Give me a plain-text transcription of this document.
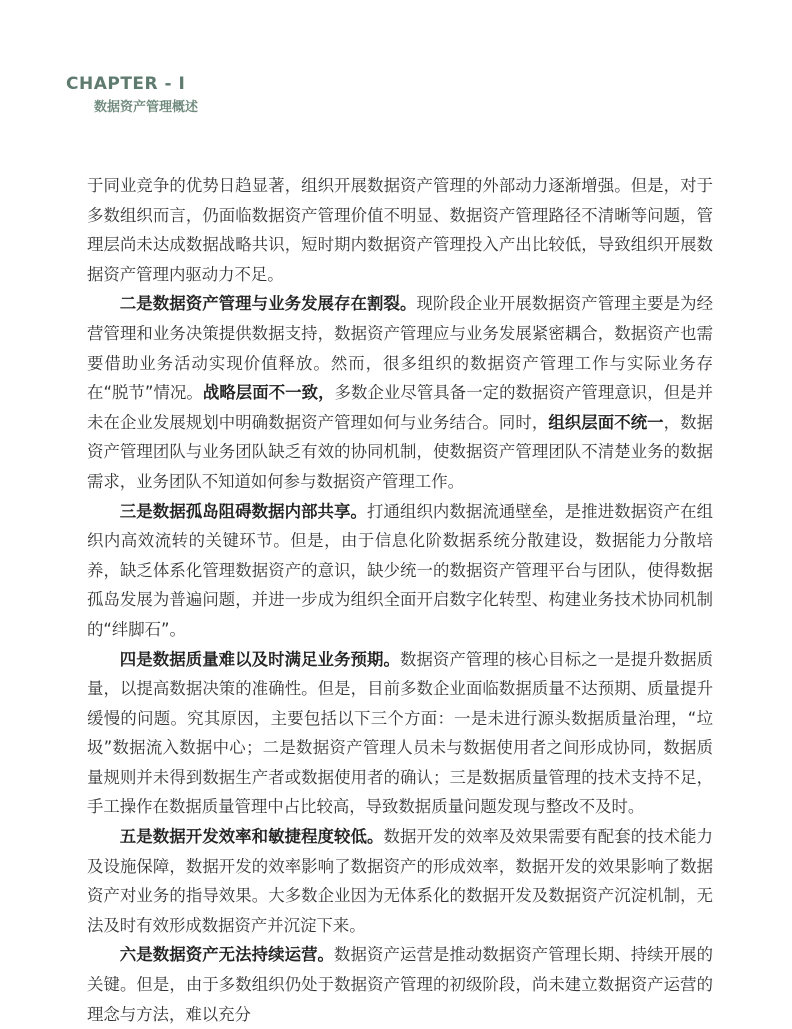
CHAPTER - I
数据资产管理概述

于同业竞争的优势日趋显著，组织开展数据资产管理的外部动力逐渐增强。但是，对于多数组织而言，仍面临数据资产管理价值不明显、数据资产管理路径不清晰等问题，管理层尚未达成数据战略共识，短时期内数据资产管理投入产出比较低，导致组织开展数据资产管理内驱动力不足。

二是数据资产管理与业务发展存在割裂。现阶段企业开展数据资产管理主要是为经营管理和业务决策提供数据支持，数据资产管理应与业务发展紧密耦合，数据资产也需要借助业务活动实现价值释放。然而，很多组织的数据资产管理工作与实际业务存在“脱节”情况。战略层面不一致，多数企业尽管具备一定的数据资产管理意识，但是并未在企业发展规划中明确数据资产管理如何与业务结合。同时，组织层面不统一，数据资产管理团队与业务团队缺乏有效的协同机制，使数据资产管理团队不清楚业务的数据需求，业务团队不知道如何参与数据资产管理工作。

三是数据孤岛阻碍数据内部共享。打通组织内数据流通壁垒，是推进数据资产在组织内高效流转的关键环节。但是，由于信息化阶数据系统分散建设，数据能力分散培养，缺乏体系化管理数据资产的意识，缺少统一的数据资产管理平台与团队，使得数据孤岛发展为普遍问题，并进一步成为组织全面开启数字化转型、构建业务技术协同机制的“绊脚石”。

四是数据质量难以及时满足业务预期。数据资产管理的核心目标之一是提升数据质量，以提高数据决策的准确性。但是，目前多数企业面临数据质量不达预期、质量提升缓慢的问题。究其原因，主要包括以下三个方面：一是未进行源头数据质量治理，“垃圾”数据流入数据中心；二是数据资产管理人员未与数据使用者之间形成协同，数据质量规则并未得到数据生产者或数据使用者的确认；三是数据质量管理的技术支持不足，手工操作在数据质量管理中占比较高，导致数据质量问题发现与整改不及时。

五是数据开发效率和敏捷程度较低。数据开发的效率及效果需要有配套的技术能力及设施保障，数据开发的效率影响了数据资产的形成效率，数据开发的效果影响了数据资产对业务的指导效果。大多数企业因为无体系化的数据开发及数据资产沉淀机制，无法及时有效形成数据资产并沉淀下来。

六是数据资产无法持续运营。数据资产运营是推动数据资产管理长期、持续开展的关键。但是，由于多数组织仍处于数据资产管理的初级阶段，尚未建立数据资产运营的理念与方法，难以充分
